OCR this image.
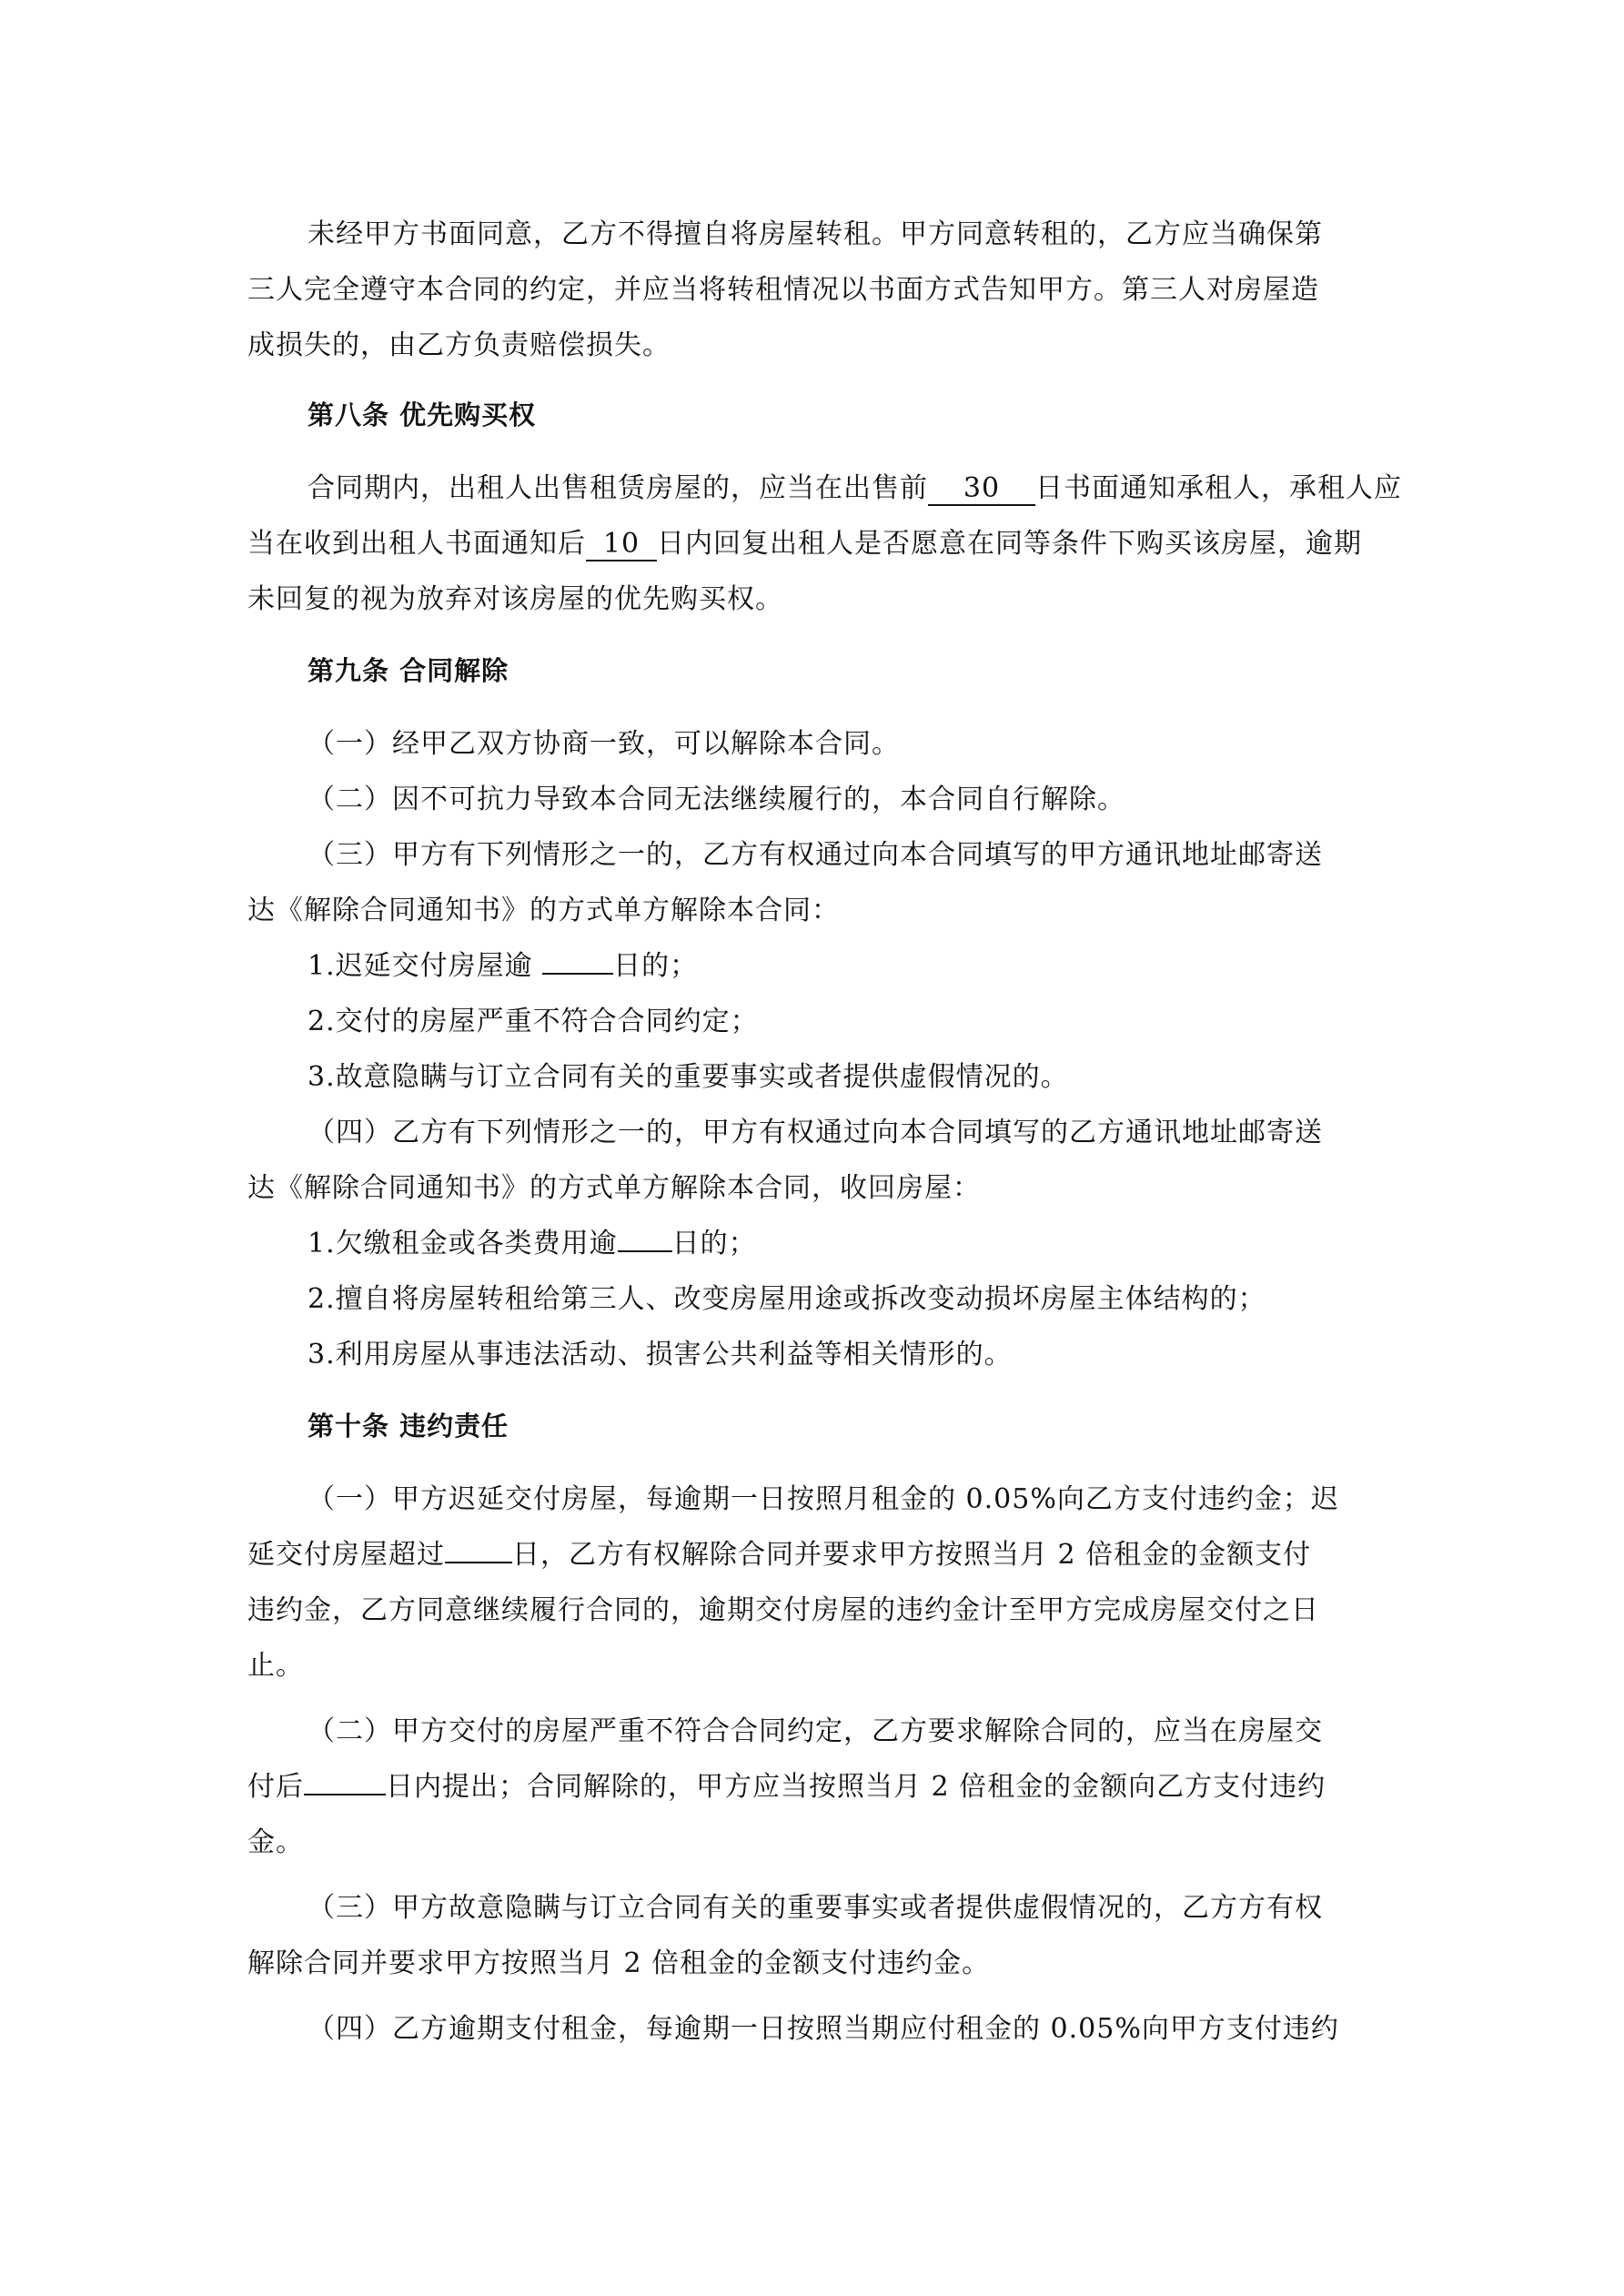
未经甲方书面同意，乙方不得擅自将房屋转租。甲方同意转租的，乙方应当确保第
三人完全遵守本合同的约定，并应当将转租情况以书面方式告知甲方。第三人对房屋造
成损失的，由乙方负责赔偿损失。
第八条 优先购买权
合同期内，出租人出售租赁房屋的，应当在出售前 30 日书面通知承租人，承租人应
当在收到出租人书面通知后 10 日内回复出租人是否愿意在同等条件下购买该房屋，逾期
未回复的视为放弃对该房屋的优先购买权。
第九条 合同解除
（一）经甲乙双方协商一致，可以解除本合同。
（二）因不可抗力导致本合同无法继续履行的，本合同自行解除。
（三）甲方有下列情形之一的，乙方有权通过向本合同填写的甲方通讯地址邮寄送
达《解除合同通知书》的方式单方解除本合同：
1.迟延交付房屋逾	日的；
2.交付的房屋严重不符合合同约定；
3.故意隐瞒与订立合同有关的重要事实或者提供虚假情况的。
（四）乙方有下列情形之一的，甲方有权通过向本合同填写的乙方通讯地址邮寄送
达《解除合同通知书》的方式单方解除本合同，收回房屋：
1.欠缴租金或各类费用逾 日的；
2.擅自将房屋转租给第三人、改变房屋用途或拆改变动损坏房屋主体结构的；
3.利用房屋从事违法活动、损害公共利益等相关情形的。
第十条 违约责任
（一）甲方迟延交付房屋，每逾期一日按照月租金的 0.05%向乙方支付违约金；迟
延交付房屋超过 日，乙方有权解除合同并要求甲方按照当月 2 倍租金的金额支付
违约金，乙方同意继续履行合同的，逾期交付房屋的违约金计至甲方完成房屋交付之日
止。
（二）甲方交付的房屋严重不符合合同约定，乙方要求解除合同的，应当在房屋交
付后	日内提出；合同解除的，甲方应当按照当月 2 倍租金的金额向乙方支付违约
金。
（三）甲方故意隐瞒与订立合同有关的重要事实或者提供虚假情况的，乙方方有权
解除合同并要求甲方按照当月 2 倍租金的金额支付违约金。
（四）乙方逾期支付租金，每逾期一日按照当期应付租金的 0.05%向甲方支付违约
